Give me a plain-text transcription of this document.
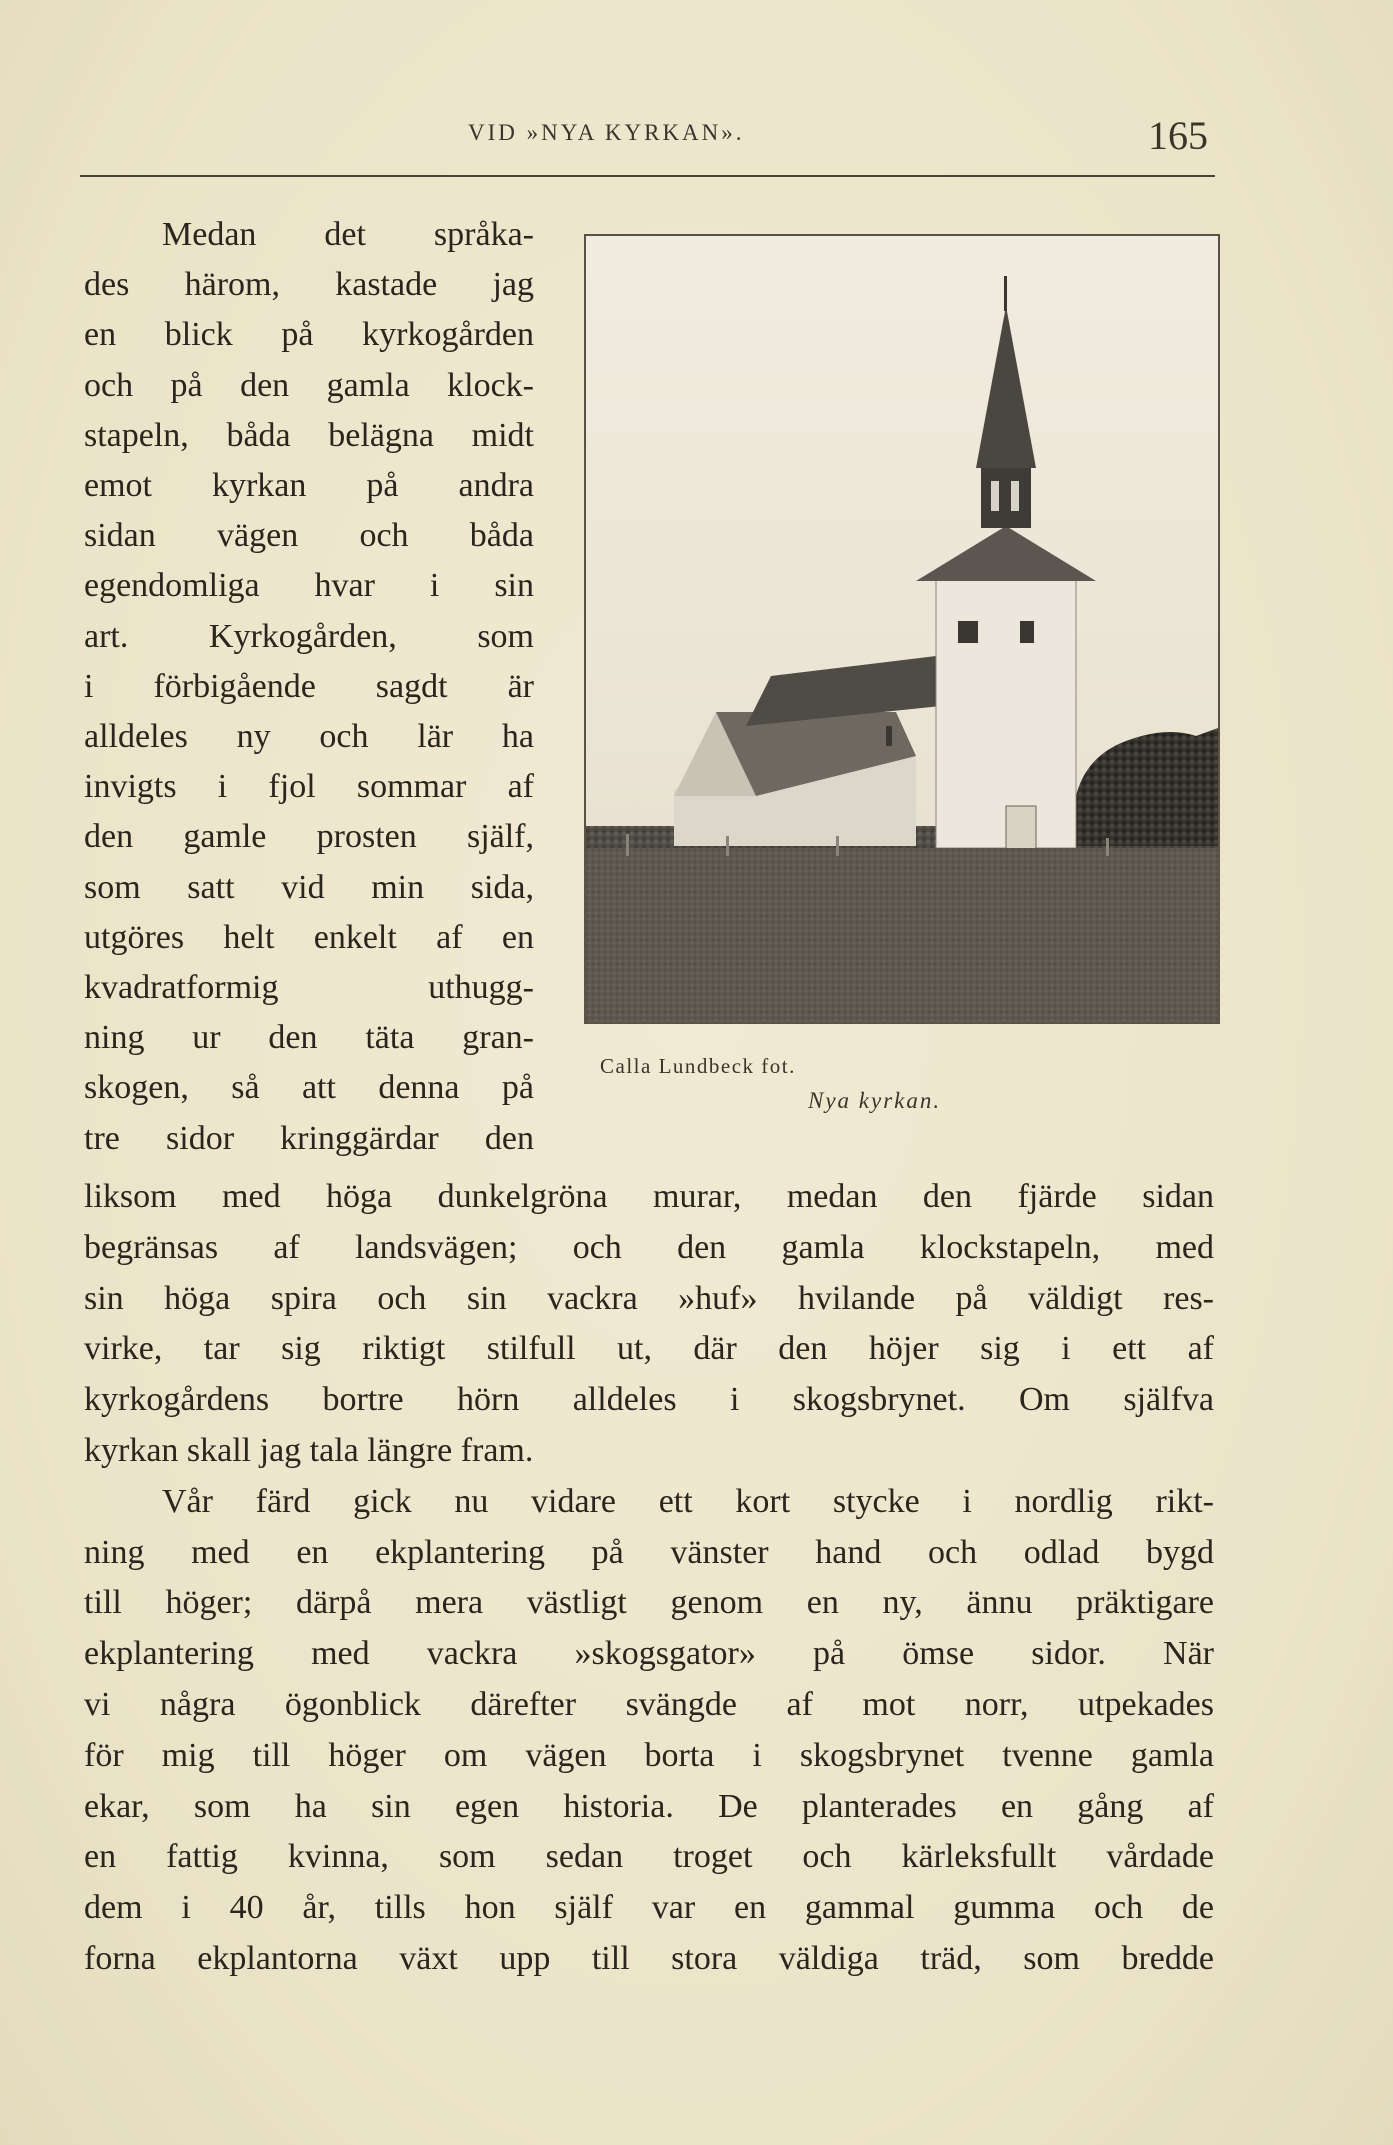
VID »NYA KYRKAN».	165
Medan det språka-
des härom, kastade jag
en blick på kyrkogården
och på den gamla klock-
stapeln, båda belägna midt
emot kyrkan på andra
sidan vägen och båda
egendomliga hvar i sin
art. Kyrkogården, som
i förbigående sagdt är
alldeles ny och lär ha
invigts i fjol sommar af
den gamle prosten själf,
som satt vid min sida,
utgöres helt enkelt af en
kvadratformig uthugg-
ning ur den täta gran-
skogen, så att denna på
tre sidor kringgärdar den
Calla Lundbeck fot.
Nya kyrkan.
liksom med höga dunkelgröna murar, medan den fjärde sidan
begränsas af landsvägen; och den gamla klockstapeln, med
sin höga spira och sin vackra »huf» hvilande på väldigt res-
virke, tar sig riktigt stilfull ut, där den höjer sig i ett af
kyrkogårdens bortre hörn alldeles i skogsbrynet. Om själfva
kyrkan skall jag tala längre fram.
Vår färd gick nu vidare ett kort stycke i nordlig rikt-
ning med en ekplantering på vänster hand och odlad bygd
till höger; därpå mera västligt genom en ny, ännu präktigare
ekplantering med vackra »skogsgator» på ömse sidor. När
vi några ögonblick därefter svängde af mot norr, utpekades
för mig till höger om vägen borta i skogsbrynet tvenne gamla
ekar, som ha sin egen historia. De planterades en gång af
en fattig kvinna, som sedan troget och kärleksfullt vårdade
dem i 40 år, tills hon själf var en gammal gumma och de
forna ekplantorna växt upp till stora väldiga träd, som bredde
